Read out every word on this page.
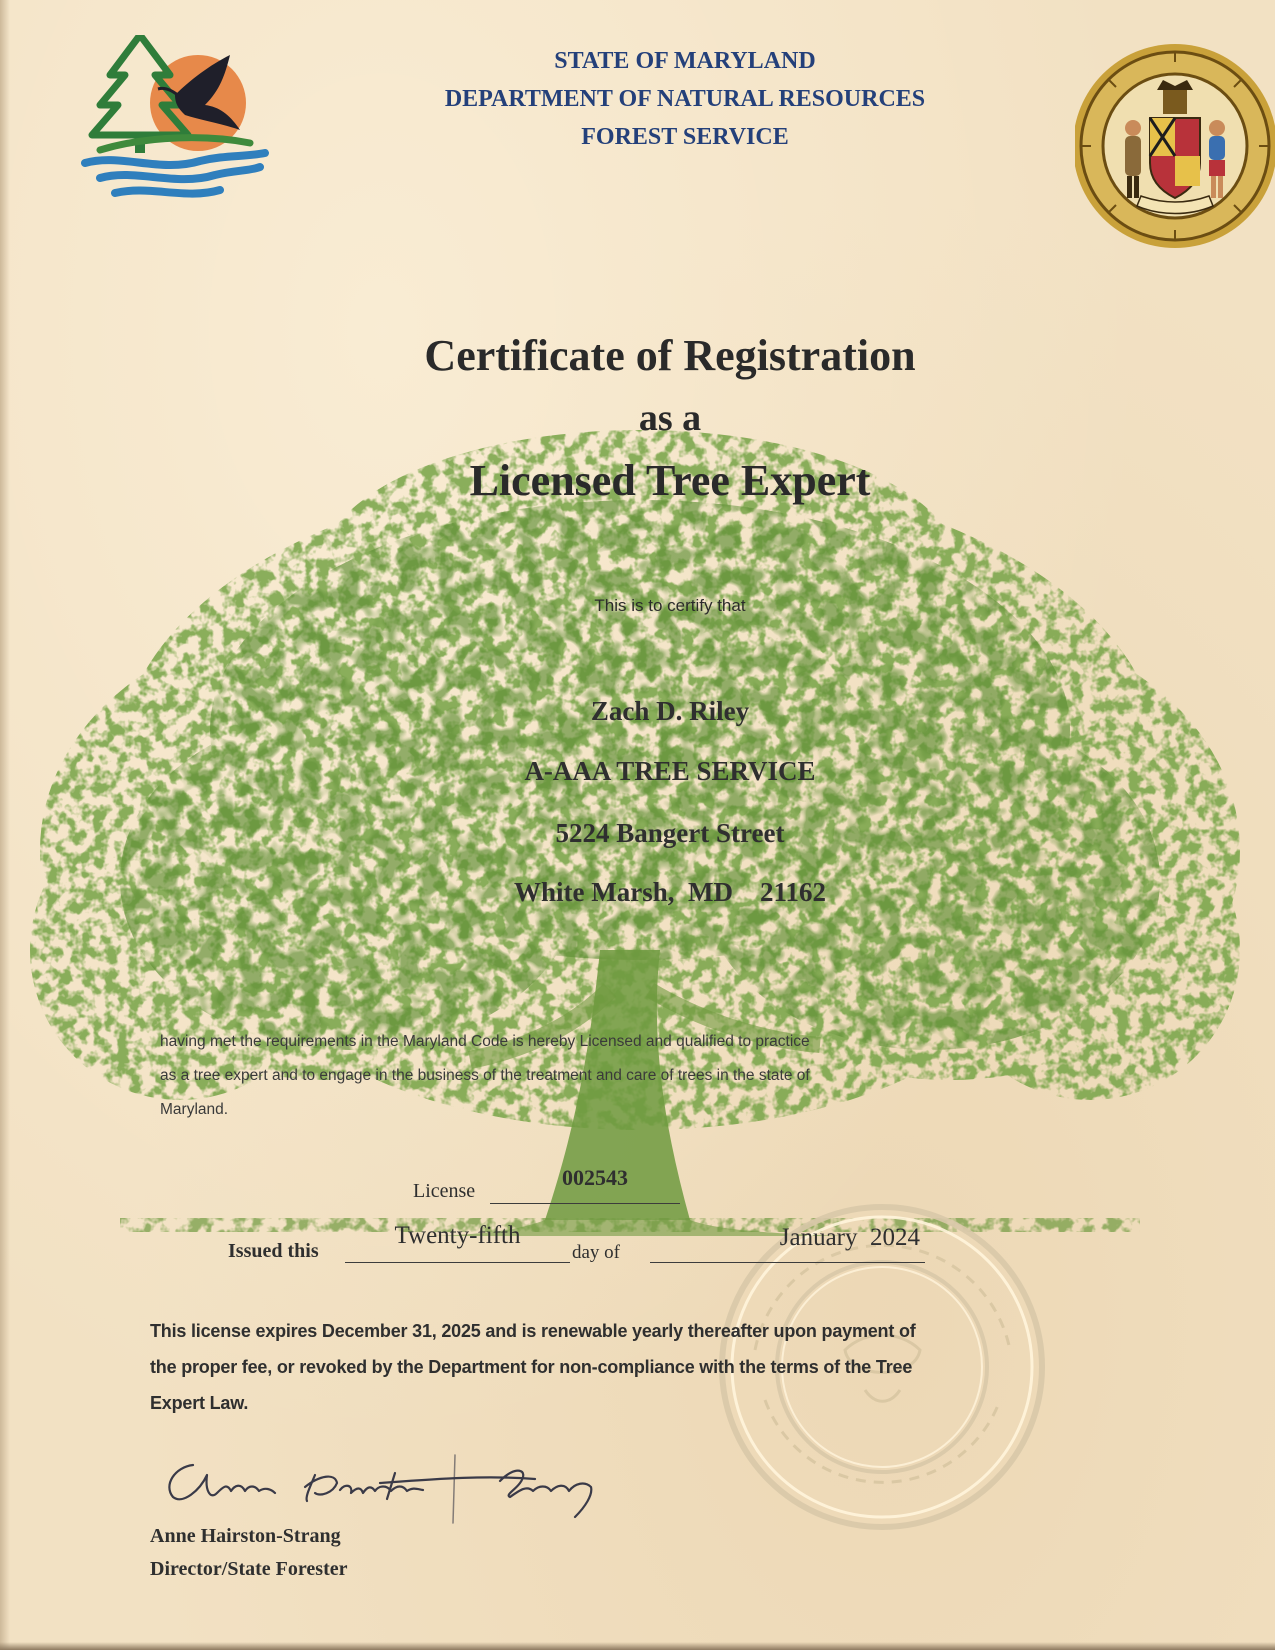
STATE OF MARYLAND
DEPARTMENT OF NATURAL RESOURCES
FOREST SERVICE
Certificate of Registration
as a
Licensed Tree Expert
This is to certify that
Zach D. Riley
A-AAA TREE SERVICE
5224 Bangert Street
White Marsh,  MD    21162
having met the requirements in the Maryland Code is hereby Licensed and qualified to practice
as a tree expert and to engage in the business of the treatment and care of trees in the state of
Maryland.
License
002543
Issued this
Twenty-fifth
day of
January  2024
This license expires December 31, 2025 and is renewable yearly thereafter upon payment of
the proper fee, or revoked by the Department for non-compliance with the terms of the Tree
Expert Law.
Anne Hairston-Strang
Director/State Forester
